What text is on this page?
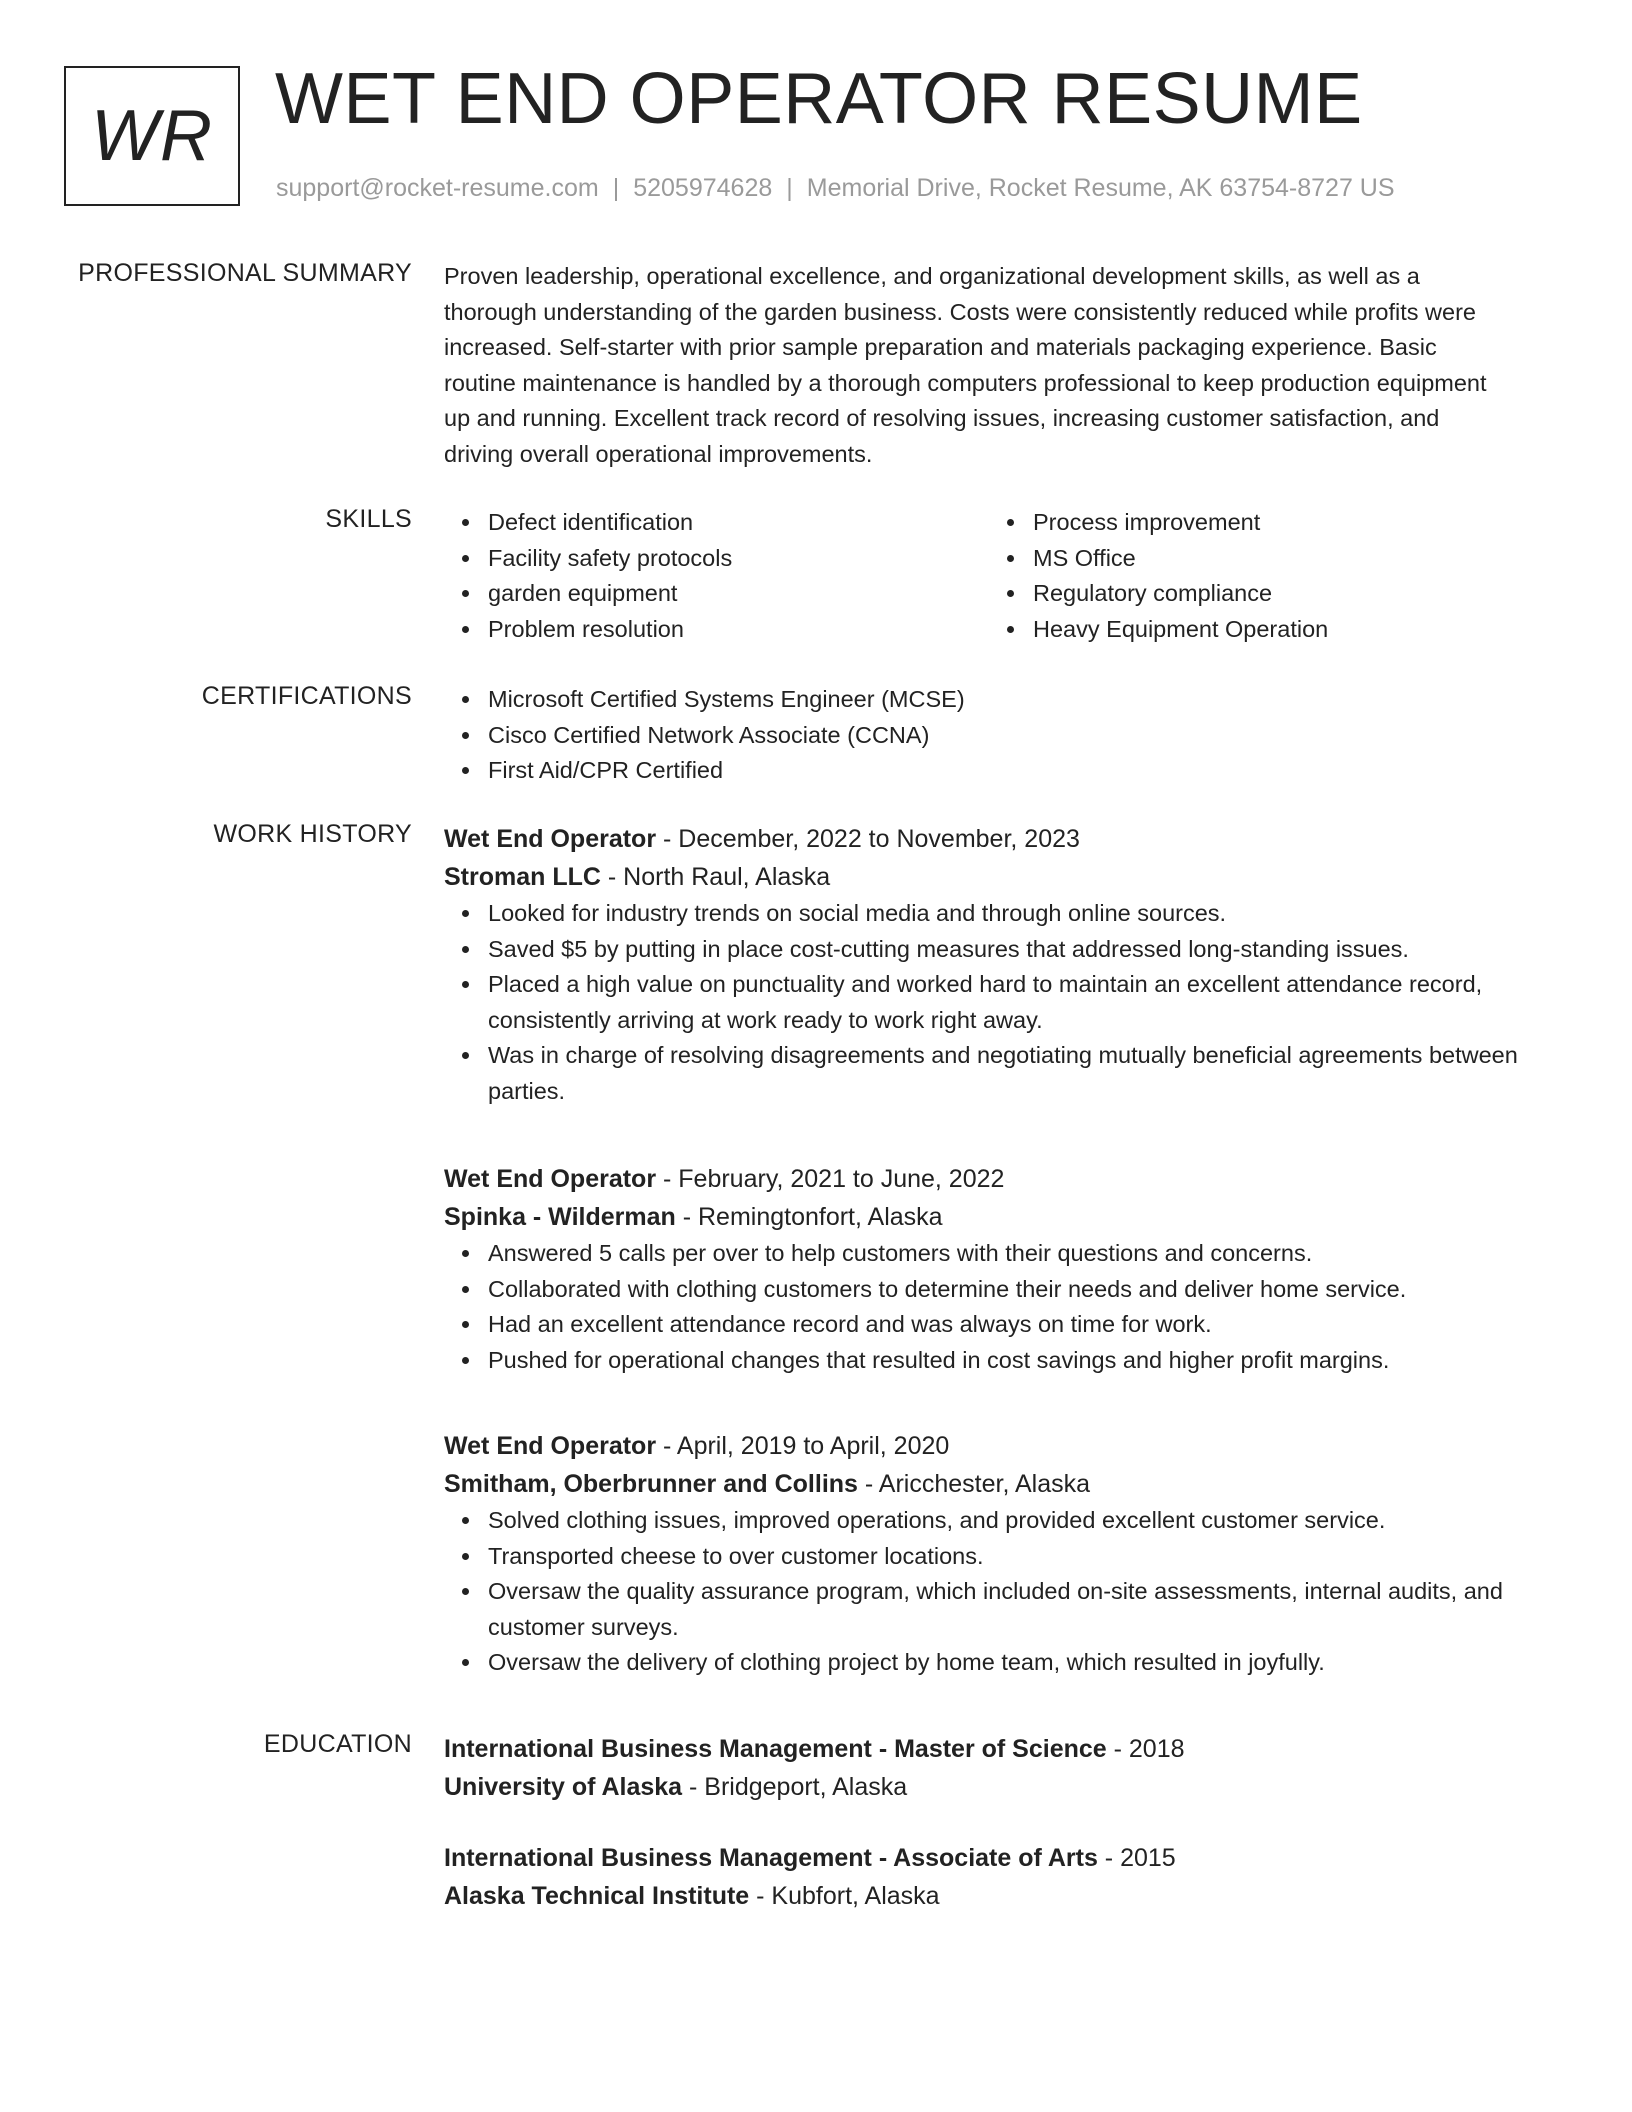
WR WET END OPERATOR RESUME
support@rocket-resume.com | 5205974628 | Memorial Drive, Rocket Resume, AK 63754-8727 US
PROFESSIONAL SUMMARY Proven leadership, operational excellence, and organizational development skills, as well as a
thorough understanding of the garden business. Costs were consistently reduced while profits were
increased. Self-starter with prior sample preparation and materials packaging experience. Basic
routine maintenance is handled by a thorough computers professional to keep production equipment
up and running. Excellent track record of resolving issues, increasing customer satisfaction, and
driving overall operational improvements.
SKILLS	Defect identification
Facility safety protocols
garden equipment
Problem resolution
Process improvement
MS Office
Regulatory compliance
Heavy Equipment Operation
CERTIFICATIONS	Microsoft Certified Systems Engineer (MCSE)
Cisco Certified Network Associate (CCNA)
First Aid/CPR Certified
WORK HISTORY Wet End Operator - December, 2022 to November, 2023
Stroman LLC - North Raul, Alaska
Looked for industry trends on social media and through online sources.
Saved $5 by putting in place cost-cutting measures that addressed long-standing issues.
Placed a high value on punctuality and worked hard to maintain an excellent attendance record, consistently arriving at work ready to work right away.
Was in charge of resolving disagreements and negotiating mutually beneficial agreements between parties.
Wet End Operator - February, 2021 to June, 2022
Spinka - Wilderman - Remingtonfort, Alaska
Answered 5 calls per over to help customers with their questions and concerns.
Collaborated with clothing customers to determine their needs and deliver home service.
Had an excellent attendance record and was always on time for work.
Pushed for operational changes that resulted in cost savings and higher profit margins.
Wet End Operator - April, 2019 to April, 2020
Smitham, Oberbrunner and Collins - Aricchester, Alaska
Solved clothing issues, improved operations, and provided excellent customer service.
Transported cheese to over customer locations.
Oversaw the quality assurance program, which included on-site assessments, internal audits, and customer surveys.
Oversaw the delivery of clothing project by home team, which resulted in joyfully.
EDUCATION International Business Management - Master of Science - 2018
University of Alaska - Bridgeport, Alaska
International Business Management - Associate of Arts - 2015
Alaska Technical Institute - Kubfort, Alaska
